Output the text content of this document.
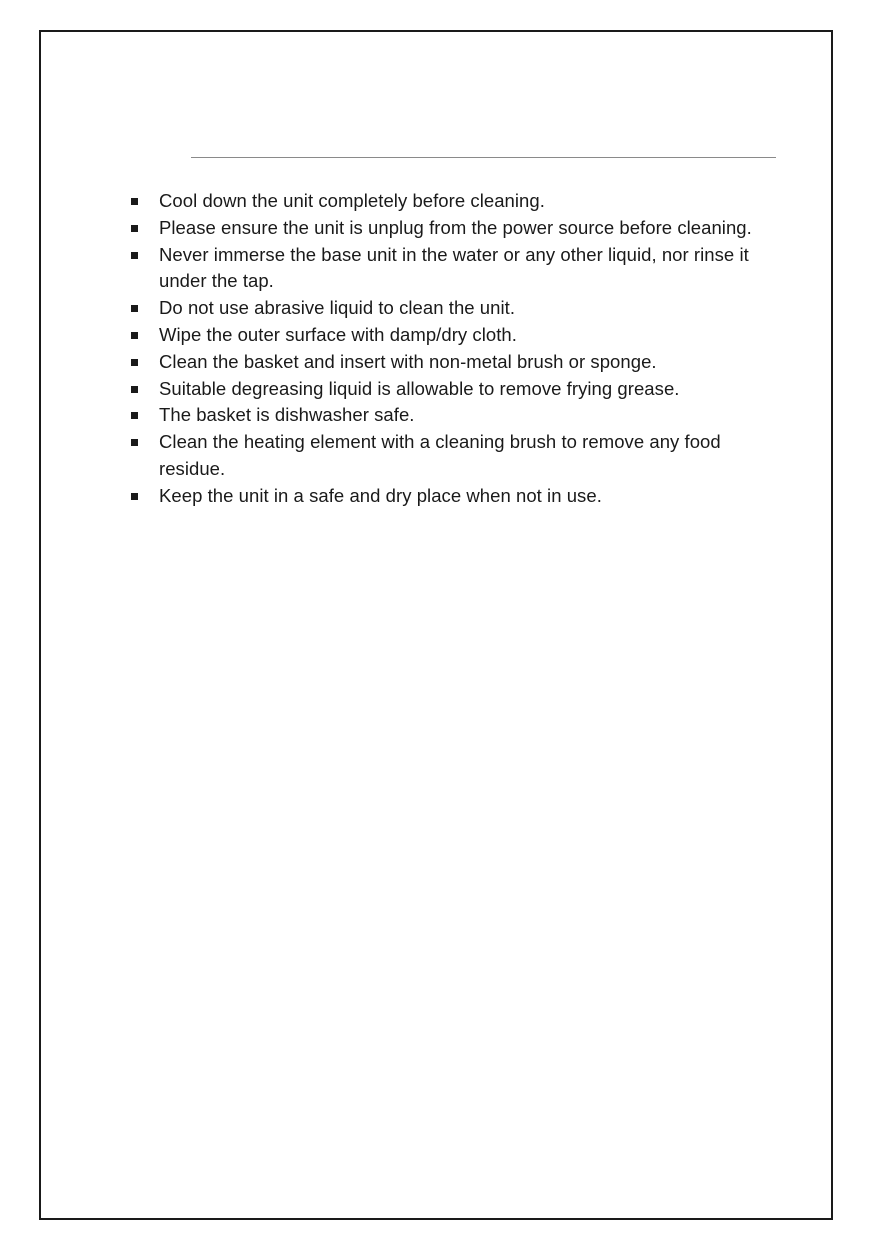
Cool down the unit completely before cleaning.
Please ensure the unit is unplug from the power source before cleaning.
Never immerse the base unit in the water or any other liquid, nor rinse it under the tap.
Do not use abrasive liquid to clean the unit.
Wipe the outer surface with damp/dry cloth.
Clean the basket and insert with non-metal brush or sponge.
Suitable degreasing liquid is allowable to remove frying grease.
The basket is dishwasher safe.
Clean the heating element with a cleaning brush to remove any food residue.
Keep the unit in a safe and dry place when not in use.
